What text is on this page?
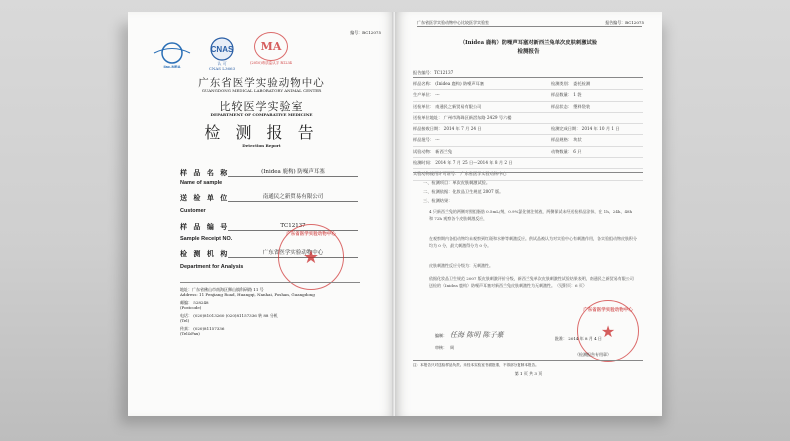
编号：BC12075
ilac-MRA
CNAS
认 可
CNAS L3663
MA
(2010)粤质监认字 R1234
广东省医学实验动物中心
GUANGDONG MEDICAL LABORATORY ANIMAL CENTER
比较医学实验室
DEPARTMENT OF COMPARATIVE MEDICINE
检 测 报 告
Detection Report
样 品 名 称	(Inidea 鹿构) 防噪声耳塞
Name of sample
送 检 单 位	南通民之新贸易有限公司
Customer
样 品 编 号	TC12137
Sample Receipt NO.
检 测 机 构	广东省医学实验动物中心
Department for Analysis
广东省医学实验动物中心
★
地址：广东省佛山市南海区狮山镇科研路 11 号
Address: 11 Fenjiang Road, Huangqi, Nanhai, Foshan, Guangdong
邮编： 528248
(Postcode)
电话： (020)81013260 (020)81157336 转 88 分机
(Tel)
传真： (020)81157336
(Tel&Fax)
广东省医学实验动物中心比较医学实验室	报告编号：BC12075
（Inidea 鹿构）防噪声耳塞对新西兰兔单次皮肤刺激试验
检测报告
报告编号：TC12137
样品名称： (Inidea 鹿构) 防噪声耳塞	检测类别： 委托检测
生产单位： ---	样品数量： 1 袋
送检单位： 南通民之新贸易有限公司	样品状态： 塑料袋装
送检单位地址： 广州市海珠区新滘东路 2429 号六楼
样品接收日期： 2014 年 7 月 24 日	检测完成日期： 2014 年 10 月 1 日
样品批号： ---	样品规格： 块状
试验动物： 新西兰兔	动物数量： 6 只
检测时间： 2014 年 7 月 25 日～2014 年 8 月 2 日
实验动物使用许可证号： 广东省医学实验动物中心
一、检测项目：单次皮肤刺激试验。
二、检测依据：化妆品卫生规范 2007 版。
三、检测结果：
4 只新西兰兔的两侧对照组脂肪 0.5mL/剂，0.9%氯化钠注射液，两侧保试未经送检样品涂抹，在 1h、24h、48h 和 72h 观察各个皮肤刺激反应，
在观察期内各组动物均未观察到红斑和水肿等刺激反应。供试品被认为对实验中心有刺激作用，各实验组动物皮肤积分均为 0 分，最大刺激得分为 0 分。
皮肤刺激性反应分级为：无刺激性。
依据化妆品卫生规范 2007 版皮肤刺激评价分级，新西兰兔单次皮肤刺激性试验结果表明，南通民之新贸易有限公司送检的（Inidea 鹿构）防噪声耳塞对新西兰兔皮肤刺激性为无刺激性。（见附页：6 页）
广东省医学实验动物中心
★
编制： 任海 陈明 陈子豪
审核： 周
批准： 2014 年 8 月 4 日
（检测报告专用章）
注：本报告只对送检样品负责。未经本实验室书面批准，不得部分复制本报告。
第 1 页 共 3 页
